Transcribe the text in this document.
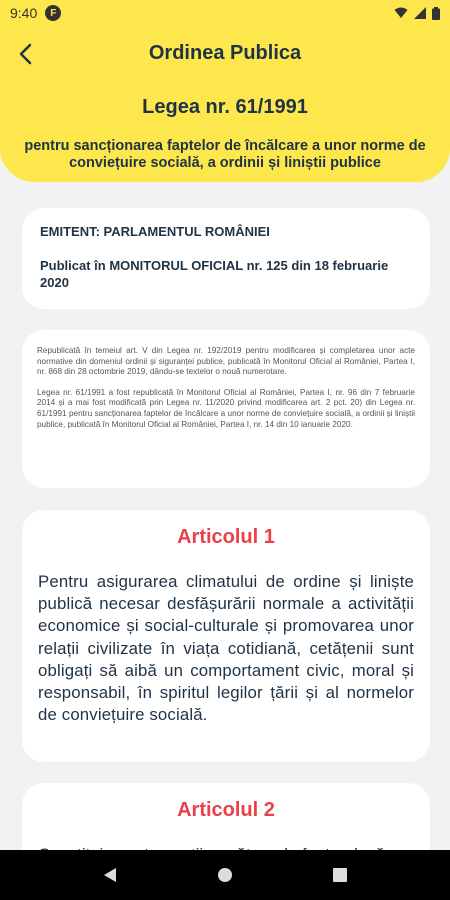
9:40	F
Ordinea Publica
Legea nr. 61/1991
pentru sancționarea faptelor de încălcare a unor norme de conviețuire socială, a ordinii și liniștii publice
EMITENT: PARLAMENTUL ROMÂNIEI
Publicat în MONITORUL OFICIAL nr. 125 din 18 februarie 2020

Republicată în temeiul art. V din Legea nr. 192/2019 pentru modificarea și completarea unor acte normative din domeniul ordinii și siguranței publice, publicată în Monitorul Oficial al României, Partea I, nr. 868 din 28 octombrie 2019, dându-se textelor o nouă numerotare.

Legea nr. 61/1991 a fost republicată în Monitorul Oficial al României, Partea I, nr. 96 din 7 februarie 2014 și a mai fost modificată prin Legea nr. 11/2020 privind modificarea art. 2 pct. 20) din Legea nr. 61/1991 pentru sancționarea faptelor de încălcare a unor norme de conviețuire socială, a ordinii și liniștii publice, publicată în Monitorul Oficial al României, Partea I, nr. 14 din 10 ianuarie 2020.

Articolul 1
Pentru asigurarea climatului de ordine și liniște publică necesar desfășurării normale a activității economice și social-culturale și promovarea unor relații civilizate în viața cotidiană, cetățenii sunt obligați să aibă un comportament civic, moral și responsabil, în spiritul legilor țării și al normelor de conviețuire socială.
Articolul 2
